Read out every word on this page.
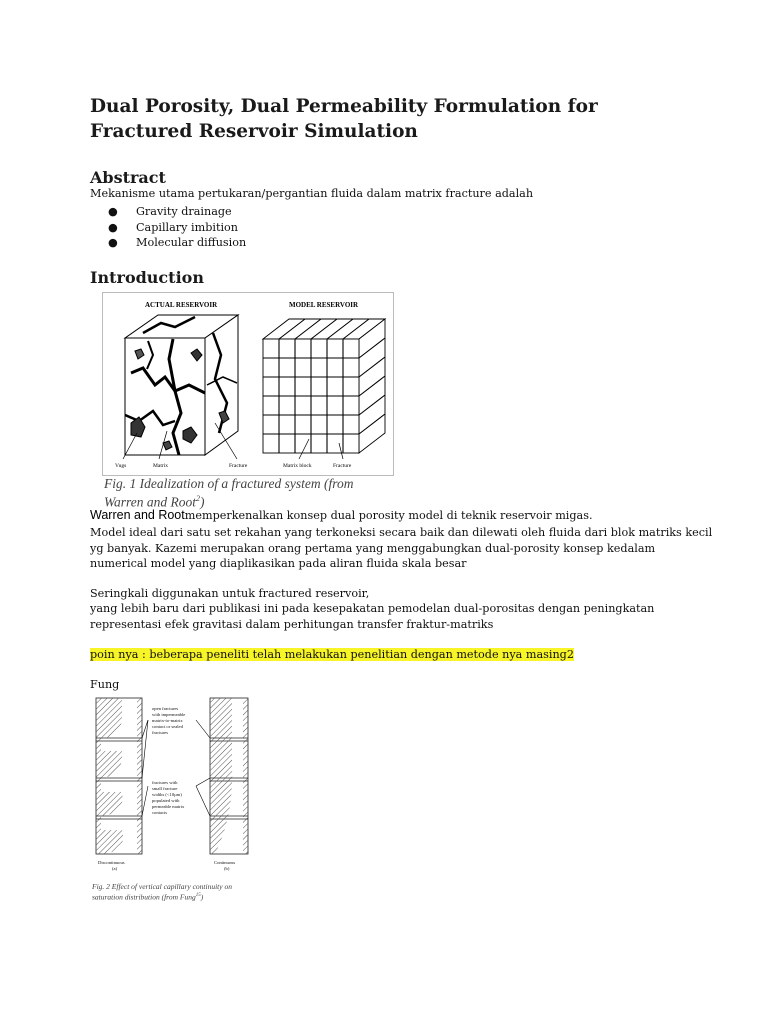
Dual Porosity, Dual Permeability Formulation for Fractured Reservoir Simulation
Abstract
Mekanisme utama pertukaran/pergantian fluida dalam matrix fracture adalah
● Gravity drainage
● Capillary imbition
● Molecular diffusion
Introduction
ACTUAL RESERVOIR	MODEL RESERVOIR
Vugs	Matrix	Fracture	Matrix block	Fracture
Fig. 1 Idealization of a fractured system (from
Warren and Root$^2$)
Warren and Rootmemperkenalkan konsep dual porosity model di teknik reservoir migas.
Model ideal dari satu set rekahan yang terkoneksi secara baik dan dilewati oleh fluida dari blok matriks kecil
yg banyak. Kazemi merupakan orang pertama yang menggabungkan dual-porosity konsep kedalam
numerical model yang diaplikasikan pada aliran fluida skala besar
Seringkali diggunakan untuk fractured reservoir,
yang lebih baru dari publikasi ini pada kesepakatan pemodelan dual-porositas dengan peningkatan
representasi efek gravitasi dalam perhitungan transfer fraktur-matriks
poin nya : beberapa peneliti telah melakukan penelitian dengan metode nya masing2
Fung
open fractures
with impermeable
matrix-to-matrix
contact or sealed
fractures
fractures with
small fracture
widths (<10µm)
populated with
permeable matrix
contacts
Discontinuous
(a)
Continuous
(b)
Fig. 2 Effect of vertical capillary continuity on
saturation distribution (from Fung$^{15}$)
